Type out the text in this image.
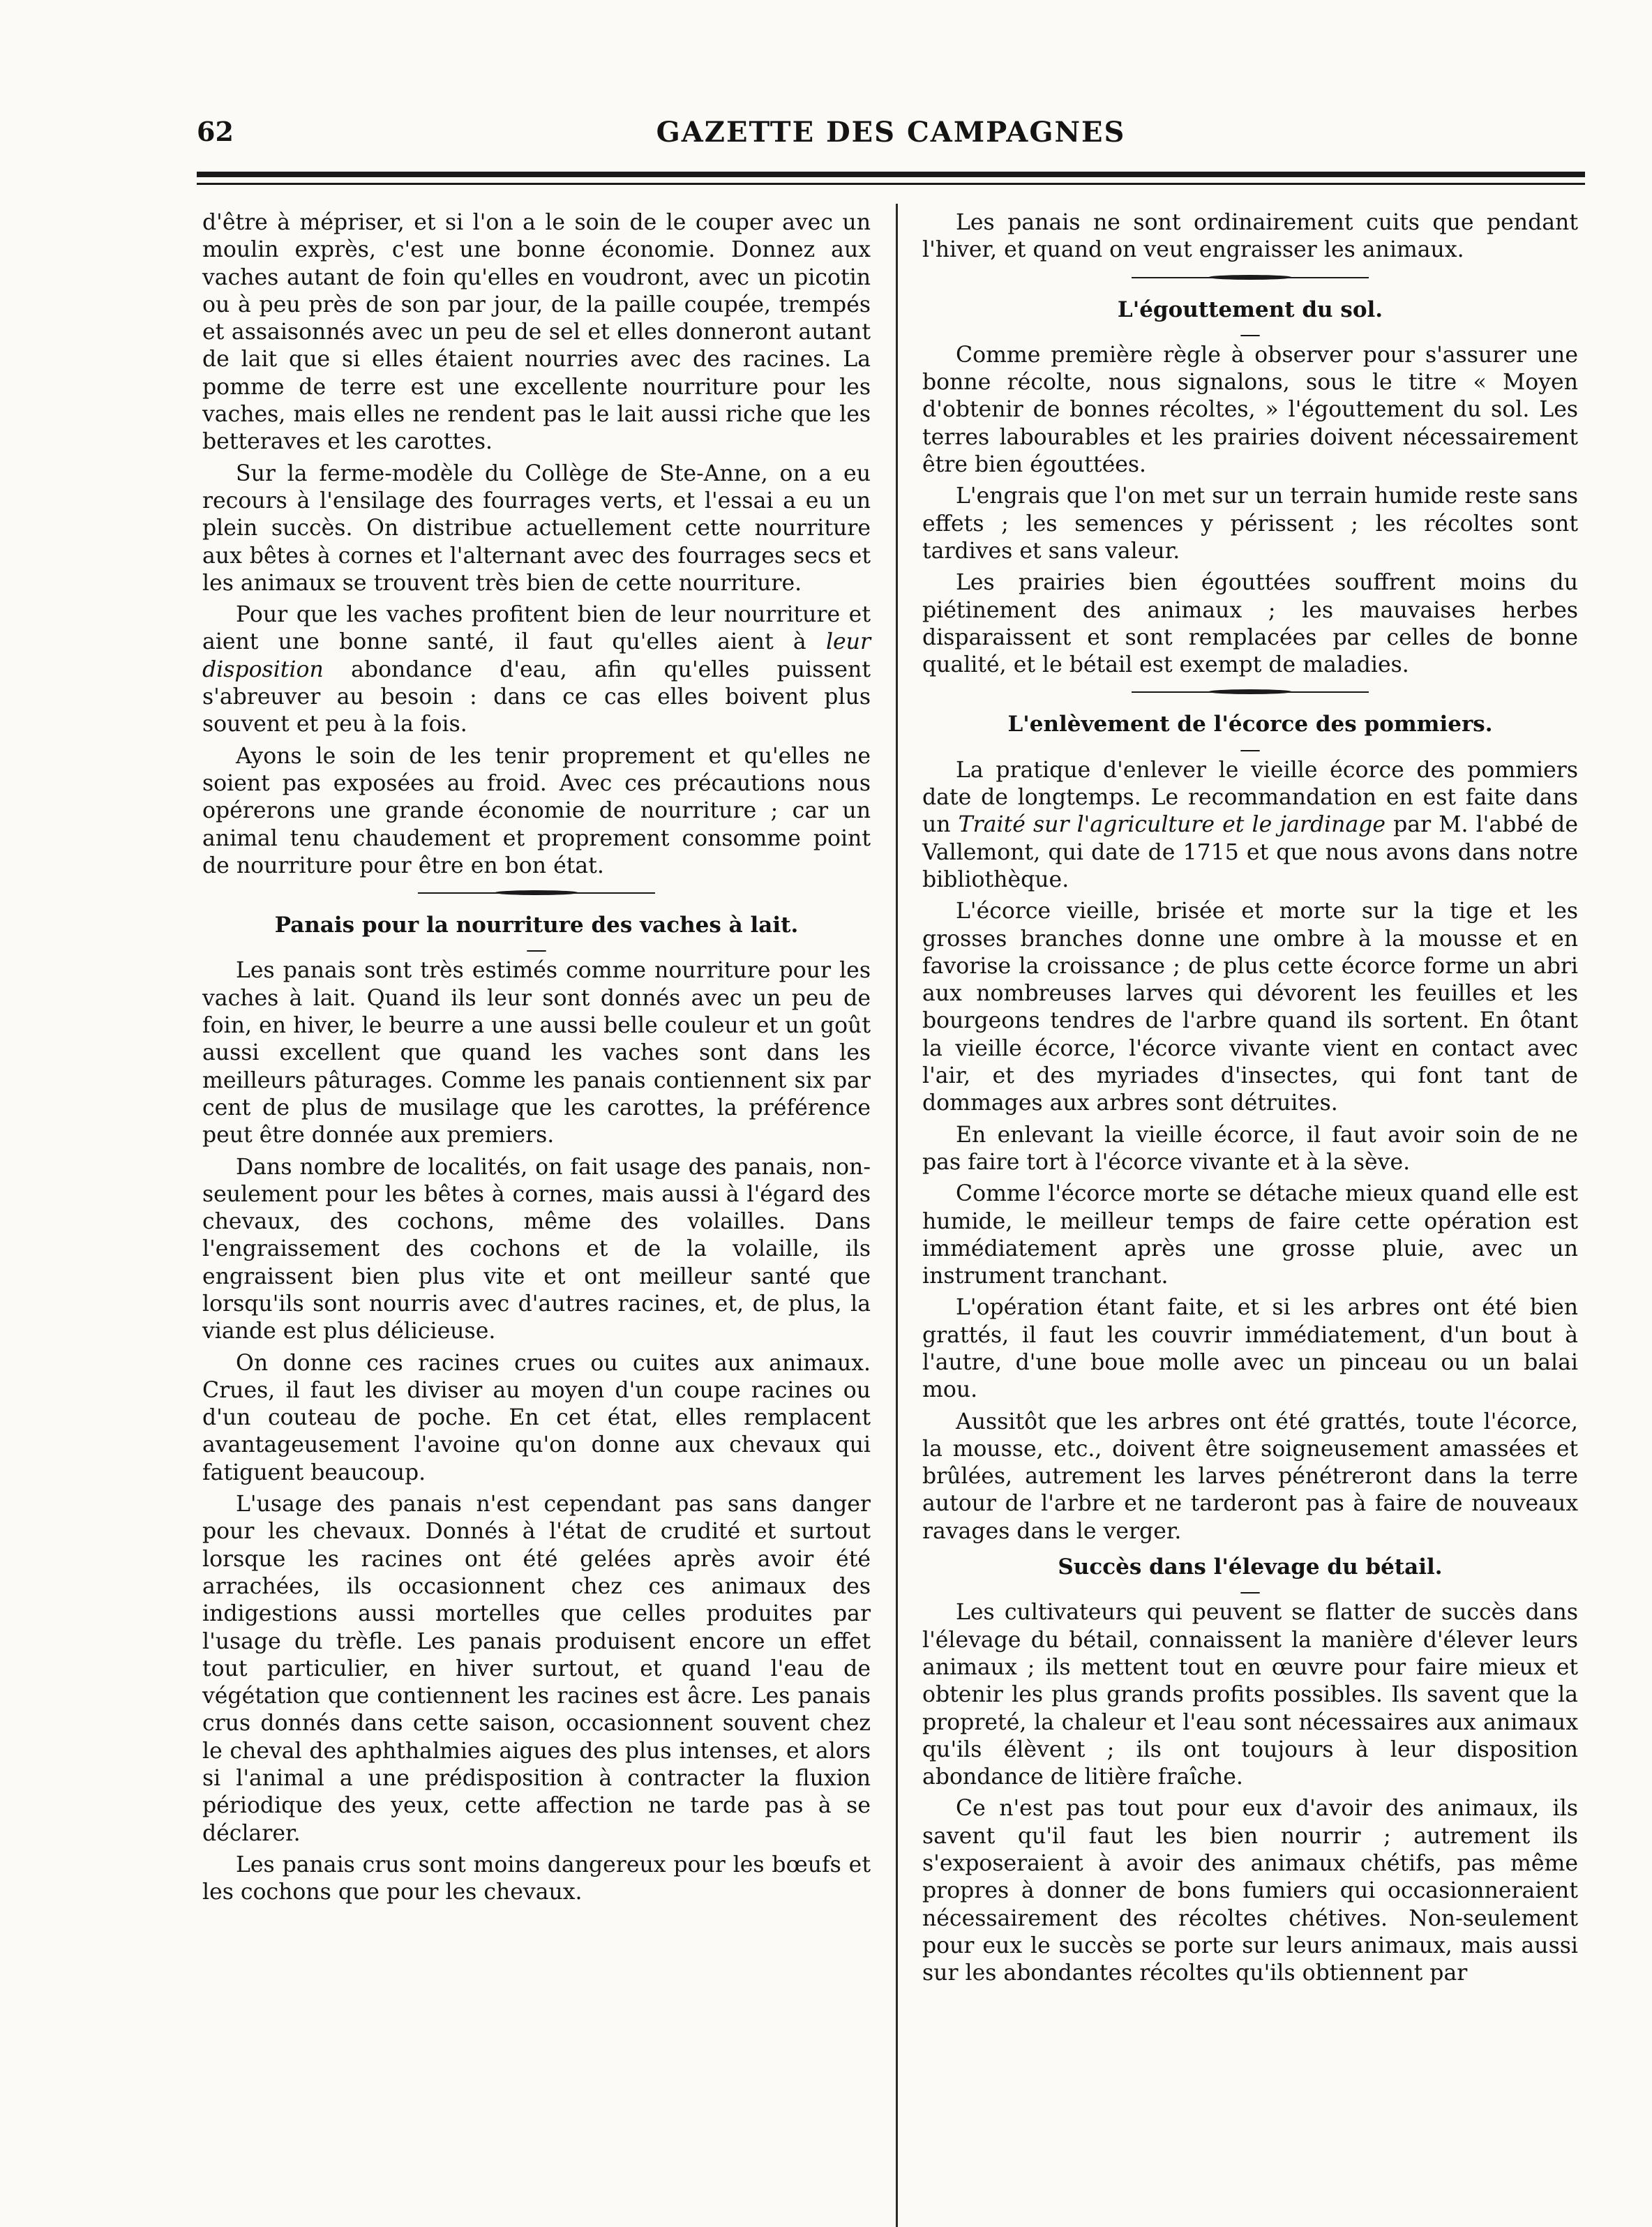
62	GAZETTE DES CAMPAGNES

d'être à mépriser, et si l'on a le soin de le couper avec un moulin exprès, c'est une bonne économie. Donnez aux vaches autant de foin qu'elles en voudront, avec un picotin ou à peu près de son par jour, de la paille coupée, trempés et assaisonnés avec un peu de sel et elles donneront autant de lait que si elles étaient nourries avec des racines. La pomme de terre est une excellente nourriture pour les vaches, mais elles ne rendent pas le lait aussi riche que les betteraves et les carottes.

Sur la ferme-modèle du Collège de Ste-Anne, on a eu recours à l'ensilage des fourrages verts, et l'essai a eu un plein succès. On distribue actuellement cette nourriture aux bêtes à cornes et l'alternant avec des fourrages secs et les animaux se trouvent très bien de cette nourriture.

Pour que les vaches profitent bien de leur nourriture et aient une bonne santé, il faut qu'elles aient à leur disposition abondance d'eau, afin qu'elles puissent s'abreuver au besoin : dans ce cas elles boivent plus souvent et peu à la fois.

Ayons le soin de les tenir proprement et qu'elles ne soient pas exposées au froid. Avec ces précautions nous opérerons une grande économie de nourriture ; car un animal tenu chaudement et proprement consomme point de nourriture pour être en bon état.

Panais pour la nourriture des vaches à lait.
—

Les panais sont très estimés comme nourriture pour les vaches à lait. Quand ils leur sont donnés avec un peu de foin, en hiver, le beurre a une aussi belle couleur et un goût aussi excellent que quand les vaches sont dans les meilleurs pâturages. Comme les panais contiennent six par cent de plus de musilage que les carottes, la préférence peut être donnée aux premiers.

Dans nombre de localités, on fait usage des panais, non-seulement pour les bêtes à cornes, mais aussi à l'égard des chevaux, des cochons, même des volailles. Dans l'engraissement des cochons et de la volaille, ils engraissent bien plus vite et ont meilleur santé que lorsqu'ils sont nourris avec d'autres racines, et, de plus, la viande est plus délicieuse.

On donne ces racines crues ou cuites aux animaux. Crues, il faut les diviser au moyen d'un coupe racines ou d'un couteau de poche. En cet état, elles remplacent avantageusement l'avoine qu'on donne aux chevaux qui fatiguent beaucoup.

L'usage des panais n'est cependant pas sans danger pour les chevaux. Donnés à l'état de crudité et surtout lorsque les racines ont été gelées après avoir été arrachées, ils occasionnent chez ces animaux des indigestions aussi mortelles que celles produites par l'usage du trèfle. Les panais produisent encore un effet tout particulier, en hiver surtout, et quand l'eau de végétation que contiennent les racines est âcre. Les panais crus donnés dans cette saison, occasionnent souvent chez le cheval des aphthalmies aigues des plus intenses, et alors si l'animal a une prédisposition à contracter la fluxion périodique des yeux, cette affection ne tarde pas à se déclarer.

Les panais crus sont moins dangereux pour les bœufs et les cochons que pour les chevaux.

Les panais ne sont ordinairement cuits que pendant l'hiver, et quand on veut engraisser les animaux.

L'égouttement du sol.
—

Comme première règle à observer pour s'assurer une bonne récolte, nous signalons, sous le titre « Moyen d'obtenir de bonnes récoltes, » l'égouttement du sol. Les terres labourables et les prairies doivent nécessairement être bien égouttées.

L'engrais que l'on met sur un terrain humide reste sans effets ; les semences y périssent ; les récoltes sont tardives et sans valeur.

Les prairies bien égouttées souffrent moins du piétinement des animaux ; les mauvaises herbes disparaissent et sont remplacées par celles de bonne qualité, et le bétail est exempt de maladies.

L'enlèvement de l'écorce des pommiers.
—

La pratique d'enlever le vieille écorce des pommiers date de longtemps. Le recommandation en est faite dans un Traité sur l'agriculture et le jardinage par M. l'abbé de Vallemont, qui date de 1715 et que nous avons dans notre bibliothèque.

L'écorce vieille, brisée et morte sur la tige et les grosses branches donne une ombre à la mousse et en favorise la croissance ; de plus cette écorce forme un abri aux nombreuses larves qui dévorent les feuilles et les bourgeons tendres de l'arbre quand ils sortent. En ôtant la vieille écorce, l'écorce vivante vient en contact avec l'air, et des myriades d'insectes, qui font tant de dommages aux arbres sont détruites.

En enlevant la vieille écorce, il faut avoir soin de ne pas faire tort à l'écorce vivante et à la sève.

Comme l'écorce morte se détache mieux quand elle est humide, le meilleur temps de faire cette opération est immédiatement après une grosse pluie, avec un instrument tranchant.

L'opération étant faite, et si les arbres ont été bien grattés, il faut les couvrir immédiatement, d'un bout à l'autre, d'une boue molle avec un pinceau ou un balai mou.

Aussitôt que les arbres ont été grattés, toute l'écorce, la mousse, etc., doivent être soigneusement amassées et brûlées, autrement les larves pénétreront dans la terre autour de l'arbre et ne tarderont pas à faire de nouveaux ravages dans le verger.

Succès dans l'élevage du bétail.
—

Les cultivateurs qui peuvent se flatter de succès dans l'élevage du bétail, connaissent la manière d'élever leurs animaux ; ils mettent tout en œuvre pour faire mieux et obtenir les plus grands profits possibles. Ils savent que la propreté, la chaleur et l'eau sont nécessaires aux animaux qu'ils élèvent ; ils ont toujours à leur disposition abondance de litière fraîche.

Ce n'est pas tout pour eux d'avoir des animaux, ils savent qu'il faut les bien nourrir ; autrement ils s'exposeraient à avoir des animaux chétifs, pas même propres à donner de bons fumiers qui occasionneraient nécessairement des récoltes chétives. Non-seulement pour eux le succès se porte sur leurs animaux, mais aussi sur les abondantes récoltes qu'ils obtiennent par
